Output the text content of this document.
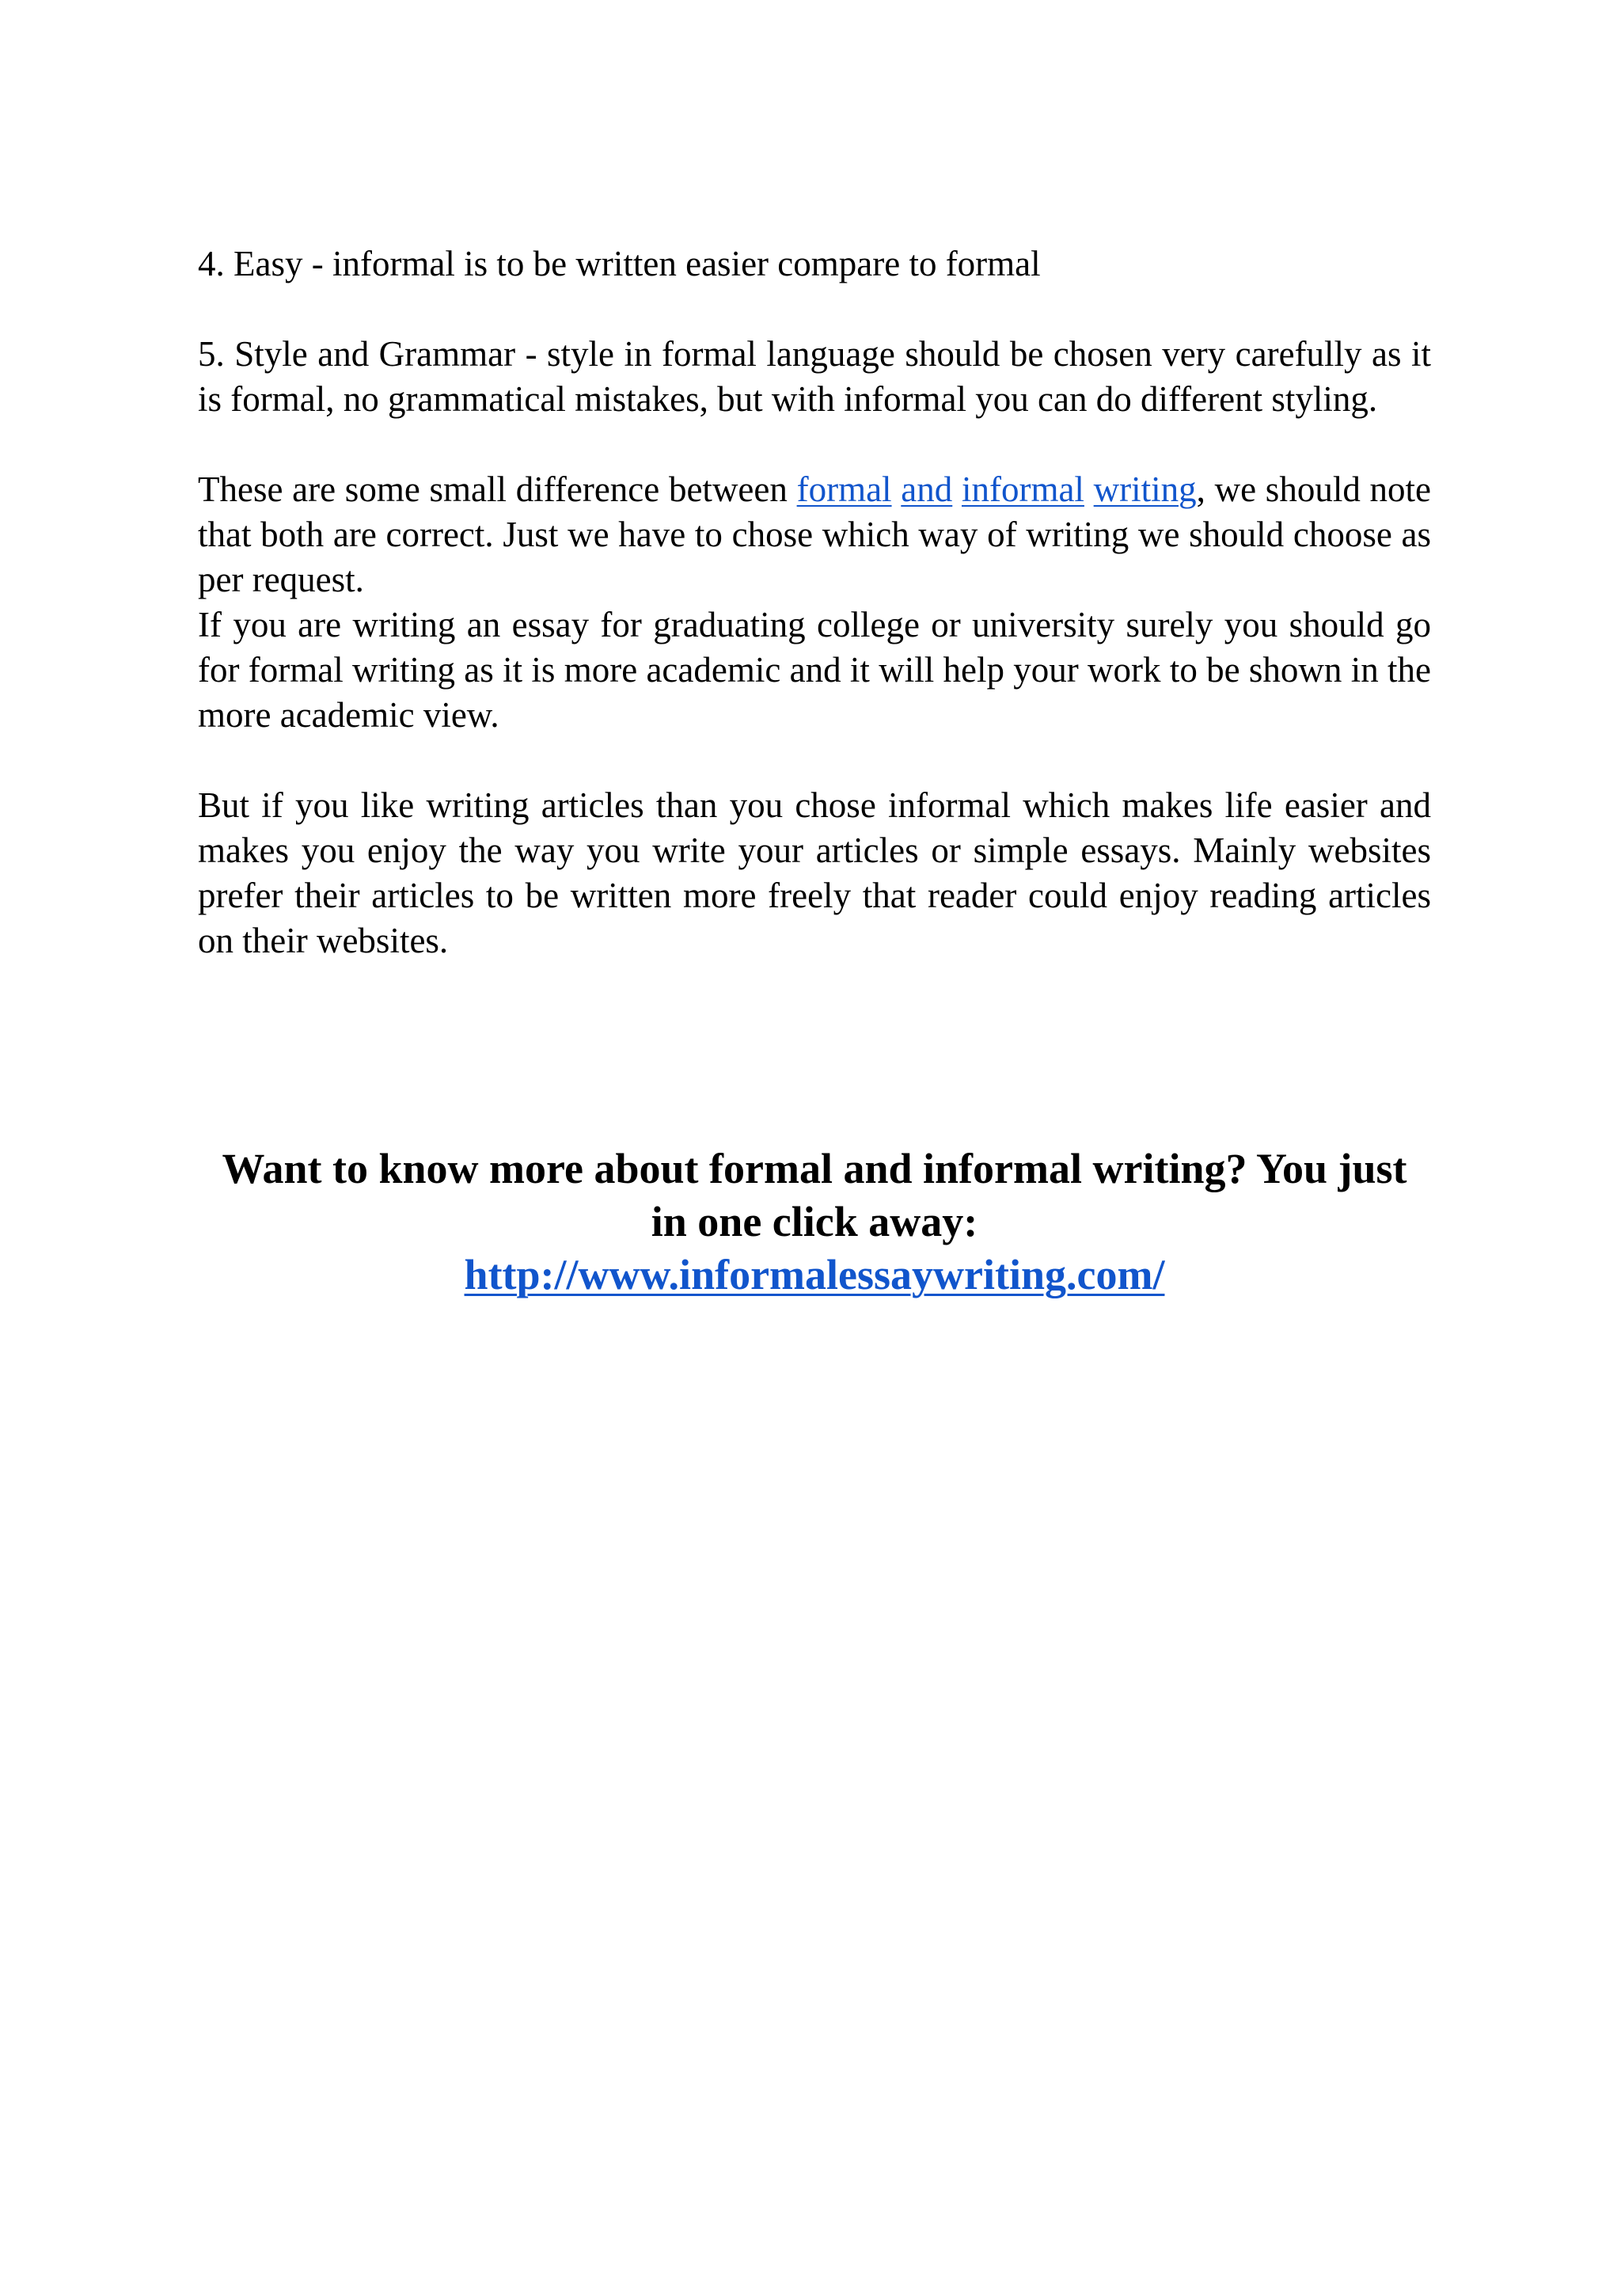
4. Easy - informal is to be written easier compare to formal

5. Style and Grammar - style in formal language should be chosen very carefully as it is formal, no grammatical mistakes, but with informal you can do different styling.

These are some small difference between formal and informal writing, we should note that both are correct. Just we have to chose which way of writing we should choose as per request.

If you are writing an essay for graduating college or university surely you should go for formal writing as it is more academic and it will help your work to be shown in the more academic view.

But if you like writing articles than you chose informal which makes life easier and makes you enjoy the way you write your articles or simple essays. Mainly websites prefer their articles to be written more freely that reader could enjoy reading articles on their websites.

Want to know more about formal and informal writing? You just
in one click away:
http://www.informalessaywriting.com/
